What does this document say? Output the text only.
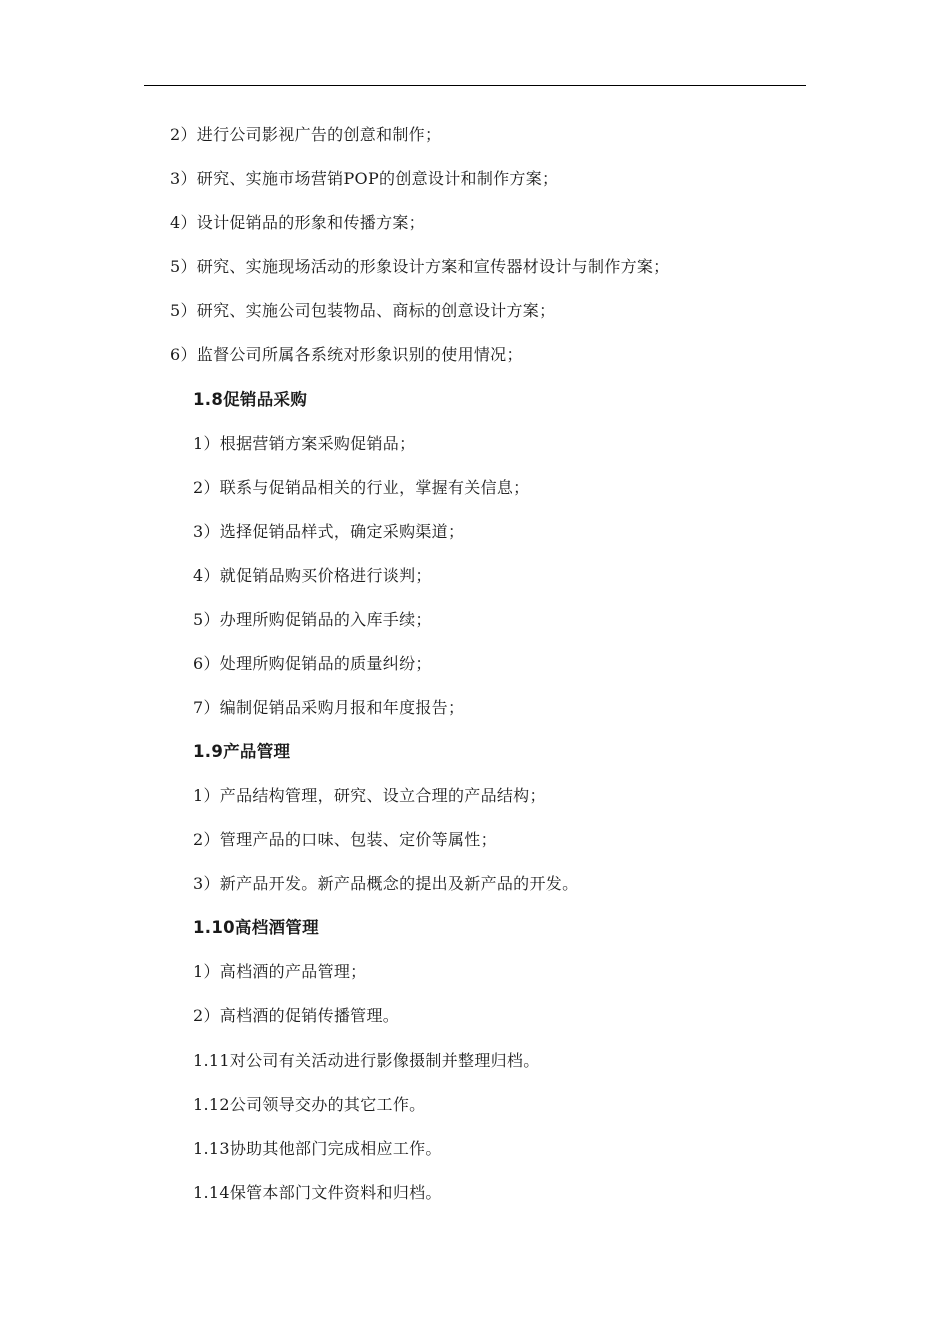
2）进行公司影视广告的创意和制作；
3）研究、实施市场营销POP的创意设计和制作方案；
4）设计促销品的形象和传播方案；
5）研究、实施现场活动的形象设计方案和宣传器材设计与制作方案；
5）研究、实施公司包装物品、商标的创意设计方案；
6）监督公司所属各系统对形象识别的使用情况；
1.8促销品采购
1）根据营销方案采购促销品；
2）联系与促销品相关的行业，掌握有关信息；
3）选择促销品样式，确定采购渠道；
4）就促销品购买价格进行谈判；
5）办理所购促销品的入库手续；
6）处理所购促销品的质量纠纷；
7）编制促销品采购月报和年度报告；
1.9产品管理
1）产品结构管理，研究、设立合理的产品结构；
2）管理产品的口味、包装、定价等属性；
3）新产品开发。新产品概念的提出及新产品的开发。
1.10高档酒管理
1）高档酒的产品管理；
2）高档酒的促销传播管理。
1.11对公司有关活动进行影像摄制并整理归档。
1.12公司领导交办的其它工作。
1.13协助其他部门完成相应工作。
1.14保管本部门文件资料和归档。
